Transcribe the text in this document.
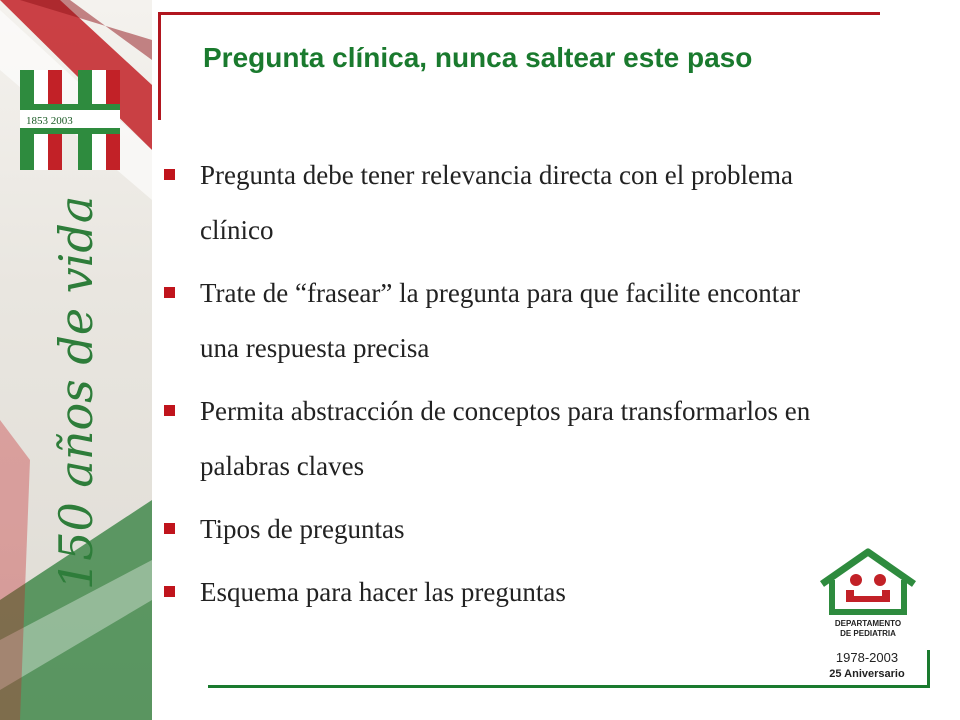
1853 2003
150 años de vida
Pregunta clínica, nunca saltear este paso
Pregunta debe tener relevancia directa con el problema clínico
Trate de “frasear” la pregunta para que facilite encontar una respuesta precisa
Permita abstracción de conceptos para transformarlos en palabras claves
Tipos de preguntas
Esquema para hacer las preguntas
DEPARTAMENTO
DE PEDIATRIA
1978-2003
25 Aniversario
